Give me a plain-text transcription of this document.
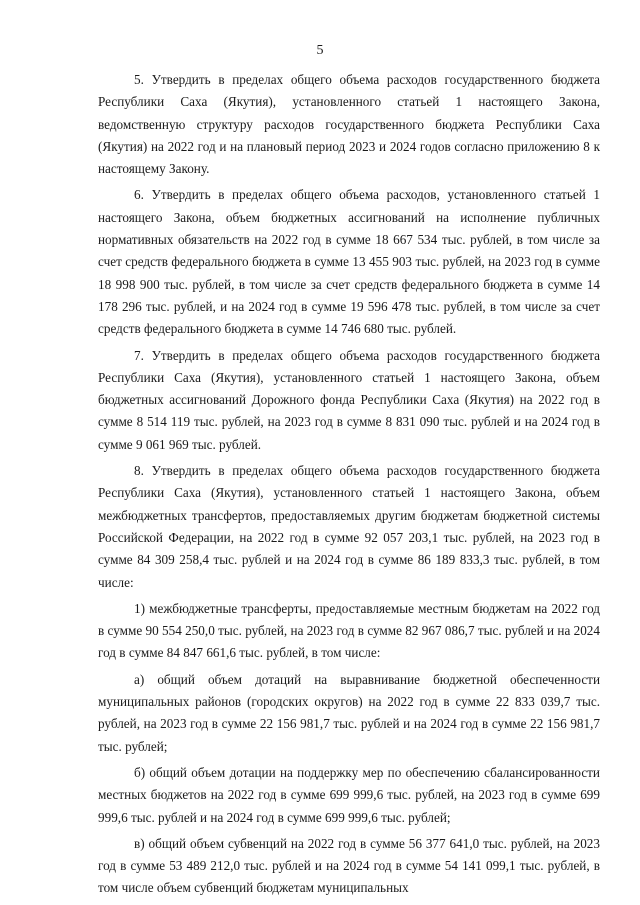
5

5. Утвердить в пределах общего объема расходов государственного бюджета Республики Саха (Якутия), установленного статьей 1 настоящего Закона, ведомственную структуру расходов государственного бюджета Республики Саха (Якутия) на 2022 год и на плановый период 2023 и 2024 годов согласно приложению 8 к настоящему Закону.

6. Утвердить в пределах общего объема расходов, установленного статьей 1 настоящего Закона, объем бюджетных ассигнований на исполнение публичных нормативных обязательств на 2022 год в сумме 18 667 534 тыс. рублей, в том числе за счет средств федерального бюджета в сумме 13 455 903 тыс. рублей, на 2023 год в сумме 18 998 900 тыс. рублей, в том числе за счет средств федерального бюджета в сумме 14 178 296 тыс. рублей, и на 2024 год в сумме 19 596 478 тыс. рублей, в том числе за счет средств федерального бюджета в сумме 14 746 680 тыс. рублей.

7. Утвердить в пределах общего объема расходов государственного бюджета Республики Саха (Якутия), установленного статьей 1 настоящего Закона, объем бюджетных ассигнований Дорожного фонда Республики Саха (Якутия) на 2022 год в сумме 8 514 119 тыс. рублей, на 2023 год в сумме 8 831 090 тыс. рублей и на 2024 год в сумме 9 061 969 тыс. рублей.

8. Утвердить в пределах общего объема расходов государственного бюджета Республики Саха (Якутия), установленного статьей 1 настоящего Закона, объем межбюджетных трансфертов, предоставляемых другим бюджетам бюджетной системы Российской Федерации, на 2022 год в сумме 92 057 203,1 тыс. рублей, на 2023 год в сумме 84 309 258,4 тыс. рублей и на 2024 год в сумме 86 189 833,3 тыс. рублей, в том числе:

1) межбюджетные трансферты, предоставляемые местным бюджетам на 2022 год в сумме 90 554 250,0 тыс. рублей, на 2023 год в сумме 82 967 086,7 тыс. рублей и на 2024 год в сумме 84 847 661,6 тыс. рублей, в том числе:

а) общий объем дотаций на выравнивание бюджетной обеспеченности муниципальных районов (городских округов) на 2022 год в сумме 22 833 039,7 тыс. рублей, на 2023 год в сумме 22 156 981,7 тыс. рублей и на 2024 год в сумме 22 156 981,7 тыс. рублей;

б) общий объем дотации на поддержку мер по обеспечению сбалансированности местных бюджетов на 2022 год в сумме 699 999,6 тыс. рублей, на 2023 год в сумме 699 999,6 тыс. рублей и на 2024 год в сумме 699 999,6 тыс. рублей;

в) общий объем субвенций на 2022 год в сумме 56 377 641,0 тыс. рублей, на 2023 год в сумме 53 489 212,0 тыс. рублей и на 2024 год в сумме 54 141 099,1 тыс. рублей, в том числе объем субвенций бюджетам муниципальных
